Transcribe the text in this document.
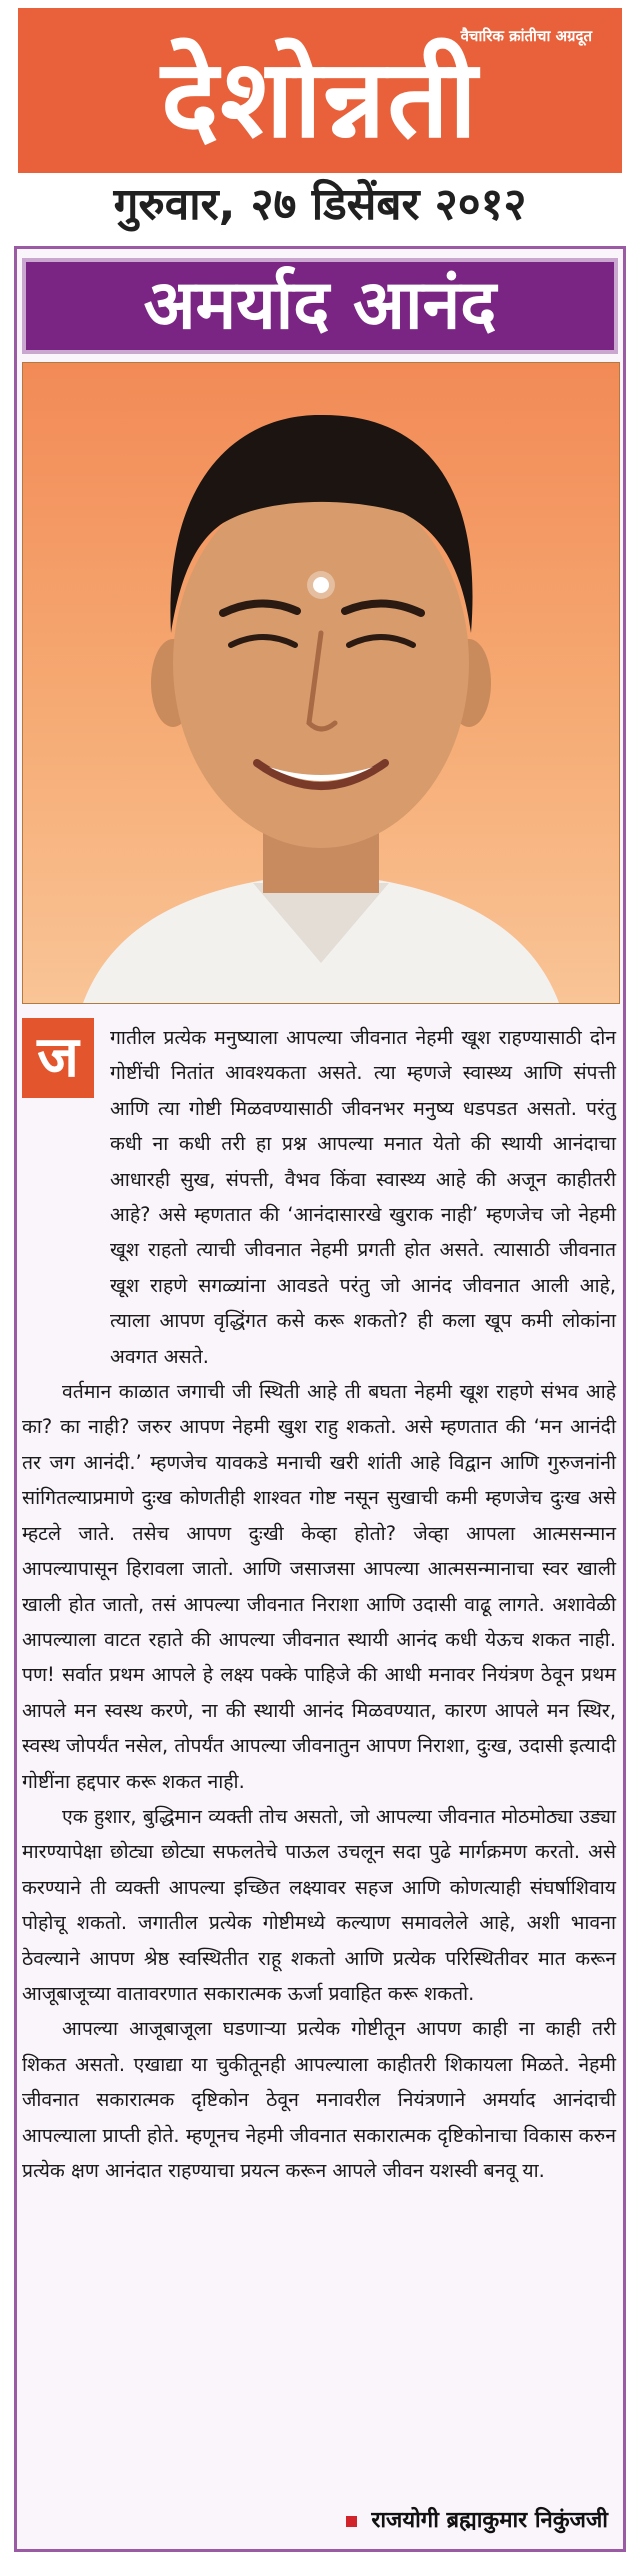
वैचारिक क्रांतीचा अग्रदूत
देशोन्नती
गुरुवार, २७ डिसेंबर २०१२
अमर्याद आनंद
ज	गातील प्रत्येक मनुष्याला आपल्या जीवनात नेहमी खूश राहण्यासाठी दोन गोष्टींची नितांत आवश्यकता असते. त्या म्हणजे स्वास्थ्य आणि संपत्ती आणि त्या गोष्टी मिळवण्यासाठी जीवनभर मनुष्य धडपडत असतो. परंतु कधी ना कधी तरी हा प्रश्न आपल्या मनात येतो की स्थायी आनंदाचा आधारही सुख, संपत्ती, वैभव किंवा स्वास्थ्य आहे की अजून काहीतरी आहे? असे म्हणतात की ‘आनंदासारखे खुराक नाही’ म्हणजेच जो नेहमी खूश राहतो त्याची जीवनात नेहमी प्रगती होत असते. त्यासाठी जीवनात खूश राहणे सगळ्यांना आवडते परंतु जो आनंद जीवनात आली आहे, त्याला आपण वृद्धिंगत कसे करू शकतो? ही कला खूप कमी लोकांना अवगत असते.

वर्तमान काळात जगाची जी स्थिती आहे ती बघता नेहमी खूश राहणे संभव आहे का? का नाही? जरुर आपण नेहमी खुश राहु शकतो. असे म्हणतात की ‘मन आनंदी तर जग आनंदी.’ म्हणजेच यावकडे मनाची खरी शांती आहे विद्वान आणि गुरुजनांनी सांगितल्याप्रमाणे दुःख कोणतीही शाश्वत गोष्ट नसून सुखाची कमी म्हणजेच दुःख असे म्हटले जाते. तसेच आपण दुःखी केव्हा होतो? जेव्हा आपला आत्मसन्मान आपल्यापासून हिरावला जातो. आणि जसाजसा आपल्या आत्मसन्मानाचा स्वर खाली खाली होत जातो, तसं आपल्या जीवनात निराशा आणि उदासी वाढू लागते. अशावेळी आपल्याला वाटत रहाते की आपल्या जीवनात स्थायी आनंद कधी येऊच शकत नाही. पण! सर्वात प्रथम आपले हे लक्ष्य पक्के पाहिजे की आधी मनावर नियंत्रण ठेवून प्रथम आपले मन स्वस्थ करणे, ना की स्थायी आनंद मिळवण्यात, कारण आपले मन स्थिर, स्वस्थ जोपर्यंत नसेल, तोपर्यंत आपल्या जीवनातुन आपण निराशा, दुःख, उदासी इत्यादी गोष्टींना हद्दपार करू शकत नाही.

एक हुशार, बुद्धिमान व्यक्ती तोच असतो, जो आपल्या जीवनात मोठमोठ्या उड्या मारण्यापेक्षा छोट्या छोट्या सफलतेचे पाऊल उचलून सदा पुढे मार्गक्रमण करतो. असे करण्याने ती व्यक्ती आपल्या इच्छित लक्ष्यावर सहज आणि कोणत्याही संघर्षाशिवाय पोहोचू शकतो. जगातील प्रत्येक गोष्टीमध्ये कल्याण समावलेले आहे, अशी भावना ठेवल्याने आपण श्रेष्ठ स्वस्थितीत राहू शकतो आणि प्रत्येक परिस्थितीवर मात करून आजूबाजूच्या वातावरणात सकारात्मक ऊर्जा प्रवाहित करू शकतो.

आपल्या आजूबाजूला घडणाऱ्या प्रत्येक गोष्टीतून आपण काही ना काही तरी शिकत असतो. एखाद्या या चुकीतूनही आपल्याला काहीतरी शिकायला मिळते. नेहमी जीवनात सकारात्मक दृष्टिकोन ठेवून मनावरील नियंत्रणाने अमर्याद आनंदाची आपल्याला प्राप्ती होते. म्हणूनच नेहमी जीवनात सकारात्मक दृष्टिकोनाचा विकास करुन प्रत्येक क्षण आनंदात राहण्याचा प्रयत्न करून आपले जीवन यशस्वी बनवू या.

राजयोगी ब्रह्माकुमार निकुंजजी
